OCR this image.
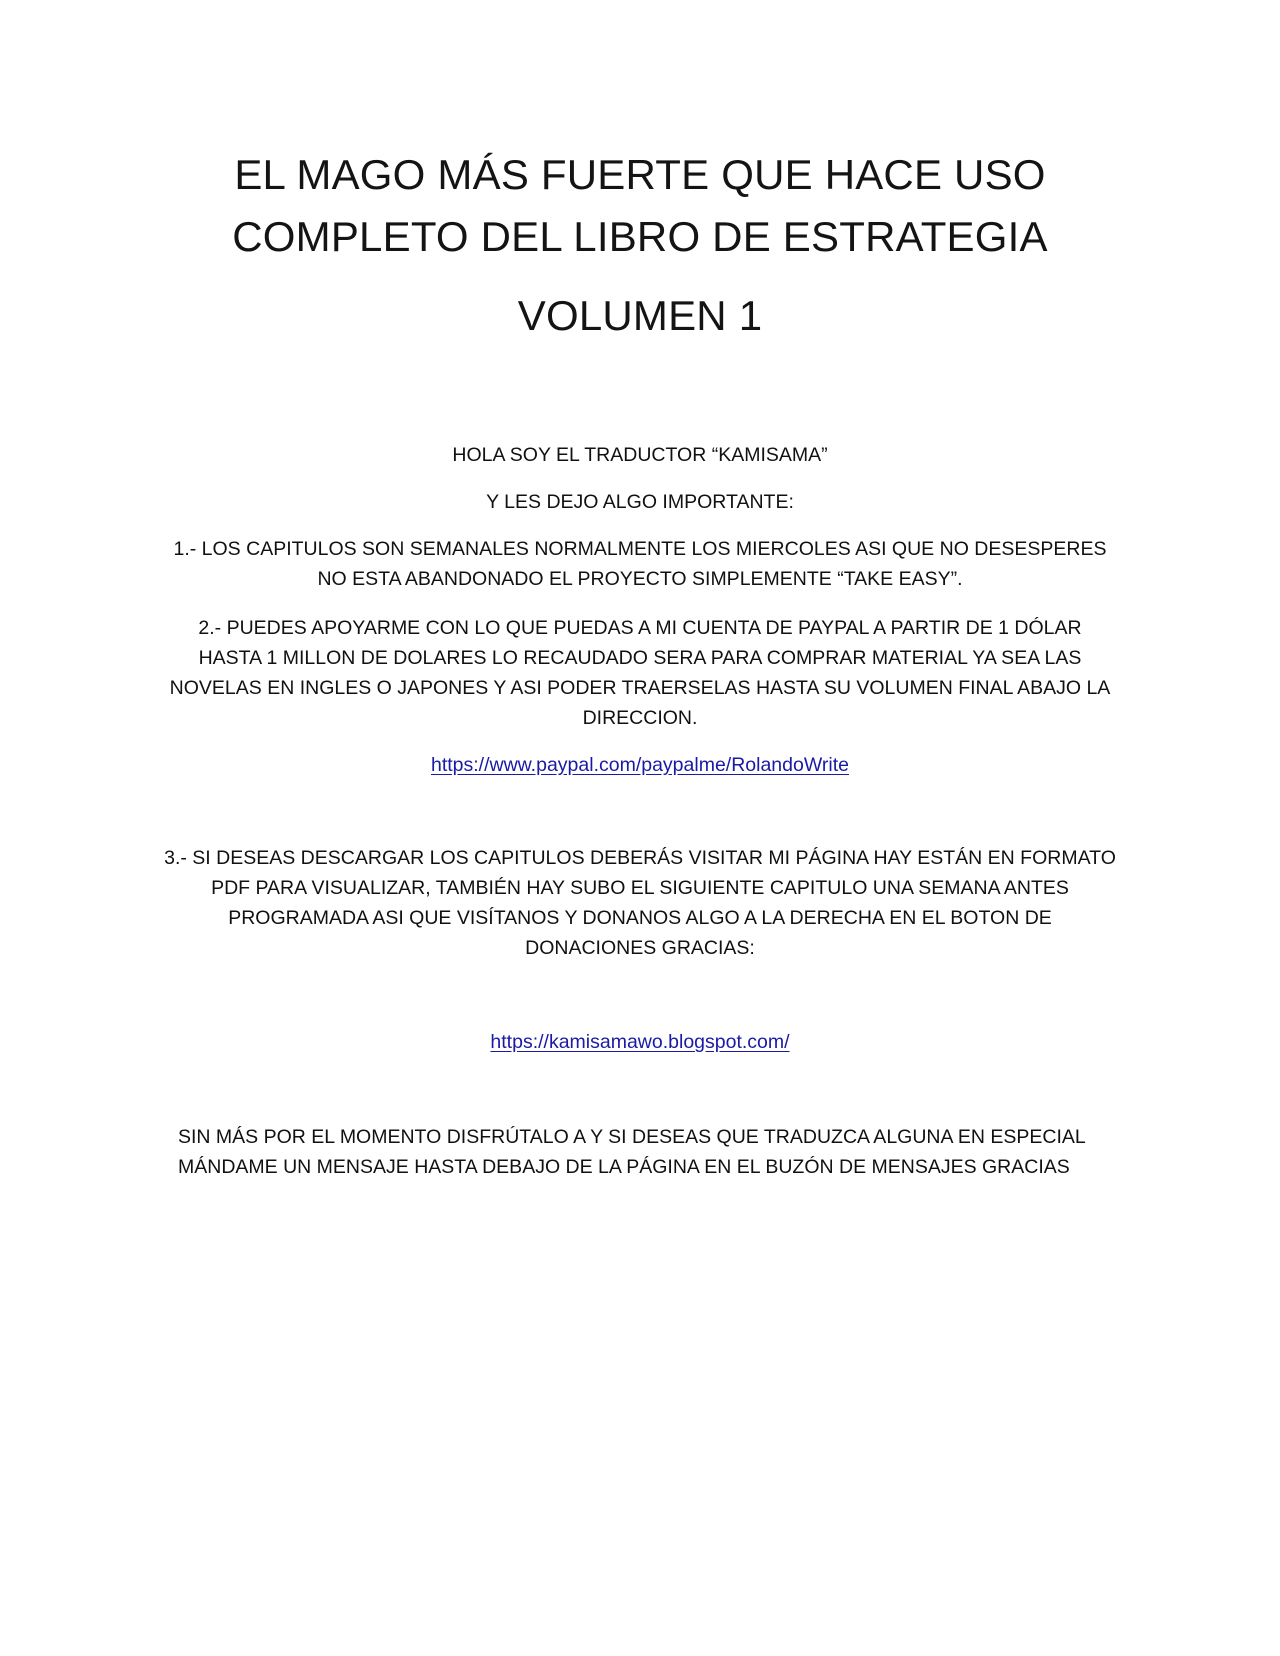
EL MAGO MÁS FUERTE QUE HACE USO
COMPLETO DEL LIBRO DE ESTRATEGIA
VOLUMEN 1
HOLA SOY EL TRADUCTOR “KAMISAMA”
Y LES DEJO ALGO IMPORTANTE:
1.- LOS CAPITULOS SON SEMANALES NORMALMENTE LOS MIERCOLES ASI QUE NO DESESPERES
NO ESTA ABANDONADO EL PROYECTO SIMPLEMENTE “TAKE EASY”.
2.- PUEDES APOYARME CON LO QUE PUEDAS A MI CUENTA DE PAYPAL A PARTIR DE 1 DÓLAR
HASTA 1 MILLON DE DOLARES LO RECAUDADO SERA PARA COMPRAR MATERIAL YA SEA LAS
NOVELAS EN INGLES O JAPONES Y ASI PODER TRAERSELAS HASTA SU VOLUMEN FINAL ABAJO LA
DIRECCION.
https://www.paypal.com/paypalme/RolandoWrite
3.- SI DESEAS DESCARGAR LOS CAPITULOS DEBERÁS VISITAR MI PÁGINA HAY ESTÁN EN FORMATO
PDF PARA VISUALIZAR, TAMBIÉN HAY SUBO EL SIGUIENTE CAPITULO UNA SEMANA ANTES
PROGRAMADA ASI QUE VISÍTANOS Y DONANOS ALGO A LA DERECHA EN EL BOTON DE
DONACIONES GRACIAS:
https://kamisamawo.blogspot.com/
SIN MÁS POR EL MOMENTO DISFRÚTALO A Y SI DESEAS QUE TRADUZCA ALGUNA EN ESPECIAL
MÁNDAME UN MENSAJE HASTA DEBAJO DE LA PÁGINA EN EL BUZÓN DE MENSAJES GRACIAS
